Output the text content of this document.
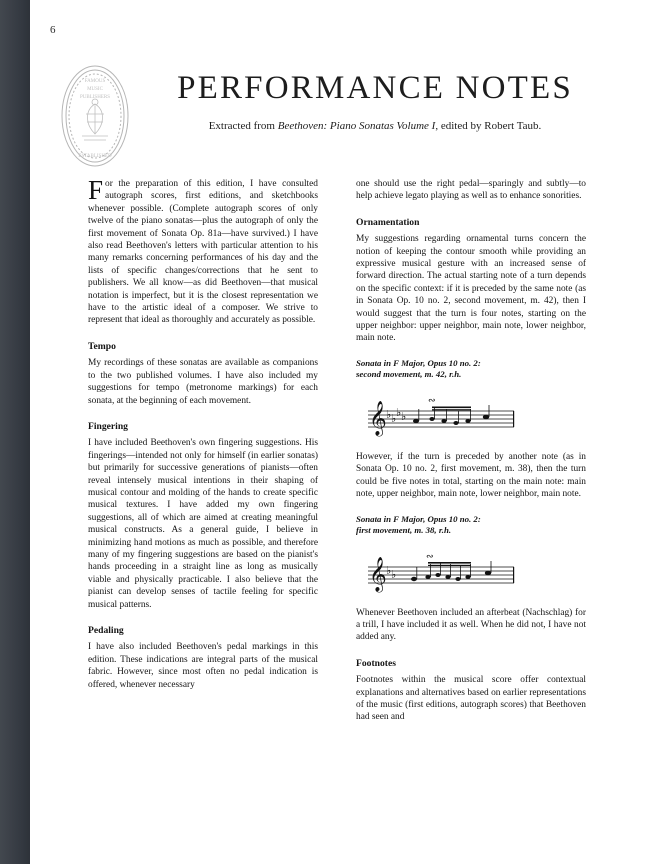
6
FAMOUS
MUSIC
PUBLISHERS
ESTABLISHED
PERFORMANCE NOTES
Extracted from Beethoven: Piano Sonatas Volume I, edited by Robert Taub.

For the preparation of this edition, I have consulted autograph scores, first editions, and sketchbooks whenever possible. (Complete autograph scores of only twelve of the piano sonatas—plus the autograph of only the first movement of Sonata Op. 81a—have survived.) I have also read Beethoven's letters with particular attention to his many remarks concerning performances of his day and the lists of specific changes/corrections that he sent to publishers. We all know—as did Beethoven—that musical notation is imperfect, but it is the closest representation we have to the artistic ideal of a composer. We strive to represent that ideal as thoroughly and accurately as possible.

Tempo

My recordings of these sonatas are available as companions to the two published volumes. I have also included my suggestions for tempo (metronome markings) for each sonata, at the beginning of each movement.

Fingering

I have included Beethoven's own fingering suggestions. His fingerings—intended not only for himself (in earlier sonatas) but primarily for successive generations of pianists—often reveal intensely musical intentions in their shaping of musical contour and molding of the hands to create specific musical textures. I have added my own fingering suggestions, all of which are aimed at creating meaningful musical constructs. As a general guide, I believe in minimizing hand motions as much as possible, and therefore many of my fingering suggestions are based on the pianist's hands proceeding in a straight line as long as musically viable and physically practicable. I also believe that the pianist can develop senses of tactile feeling for specific musical patterns.

Pedaling

I have also included Beethoven's pedal markings in this edition. These indications are integral parts of the musical fabric. However, since most often no pedal indication is offered, whenever necessary

one should use the right pedal—sparingly and subtly—to help achieve legato playing as well as to enhance sonorities.

Ornamentation

My suggestions regarding ornamental turns concern the notion of keeping the contour smooth while providing an expressive musical gesture with an increased sense of forward direction. The actual starting note of a turn depends on the specific context: if it is preceded by the same note (as in Sonata Op. 10 no. 2, second movement, m. 42), then I would suggest that the turn is four notes, starting on the upper neighbor: upper neighbor, main note, lower neighbor, main note.

Sonata in F Major, Opus 10 no. 2:
second movement, m. 42, r.h.
𝄞 ♭ ♭ ♭ ♭
∾

However, if the turn is preceded by another note (as in Sonata Op. 10 no. 2, first movement, m. 38), then the turn could be five notes in total, starting on the main note: main note, upper neighbor, main note, lower neighbor, main note.

Sonata in F Major, Opus 10 no. 2:
first movement, m. 38, r.h.
𝄞 ♭ ♭
∾

Whenever Beethoven included an afterbeat (Nachschlag) for a trill, I have included it as well. When he did not, I have not added any.

Footnotes

Footnotes within the musical score offer contextual explanations and alternatives based on earlier representations of the music (first editions, autograph scores) that Beethoven had seen and
